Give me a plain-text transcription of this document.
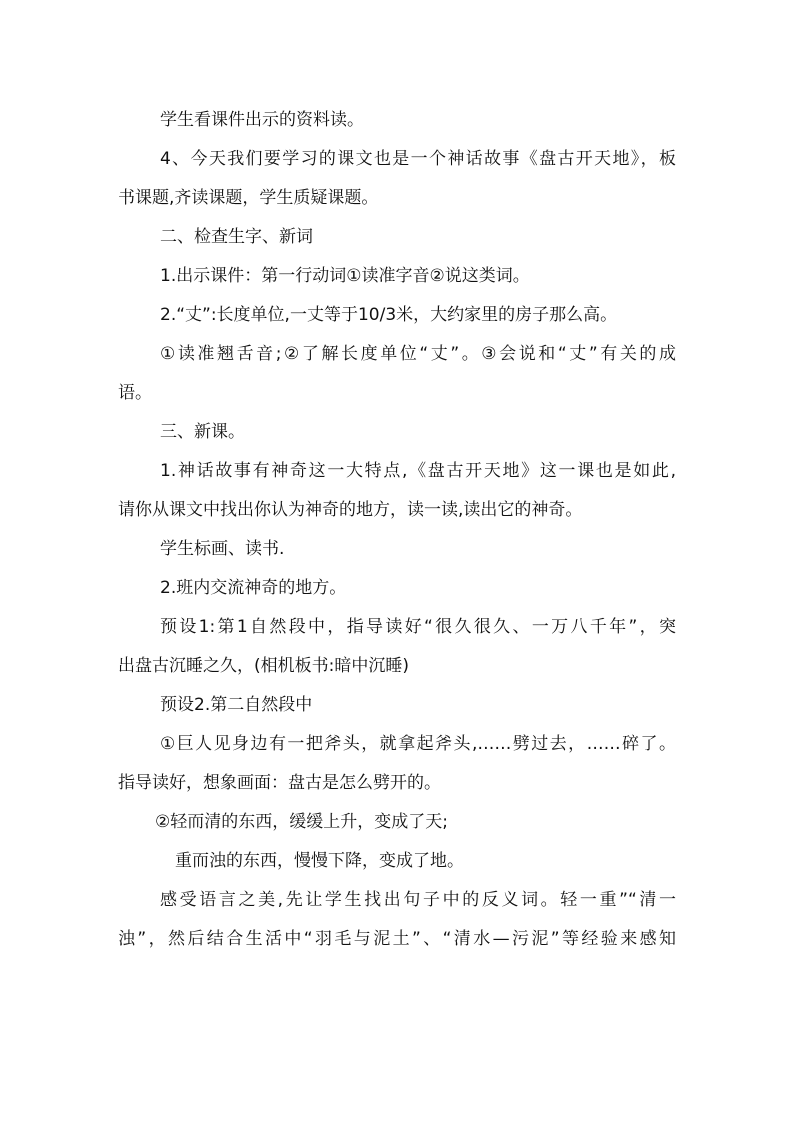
学生看课件出示的资料读。

4、今天我们要学习的课文也是一个神话故事《盘古开天地》，板

书课题,齐读课题，学生质疑课题。

二、检查生字、新词

1.出示课件：第一行动词①读准字音②说这类词。

2.“丈”:长度单位,一丈等于10/3米，大约家里的房子那么高。

①读准翘舌音;②了解长度单位“丈”。③会说和“丈”有关的成

语。

三、新课。

1.神话故事有神奇这一大特点,《盘古开天地》这一课也是如此,

请你从课文中找出你认为神奇的地方，读一读,读出它的神奇。

学生标画、读书.

2.班内交流神奇的地方。

预设1:第1自然段中，指导读好“很久很久、一万八千年”，突

出盘古沉睡之久，(相机板书:暗中沉睡)

预设2.第二自然段中

①巨人见身边有一把斧头，就拿起斧头,……劈过去，……碎了。

指导读好，想象画面：盘古是怎么劈开的。

②轻而清的东西，缓缓上升，变成了天;

重而浊的东西，慢慢下降，变成了地。

感受语言之美,先让学生找出句子中的反义词。轻一重”“清一

浊”，然后结合生活中“羽毛与泥土”、“清水—污泥”等经验来感知
